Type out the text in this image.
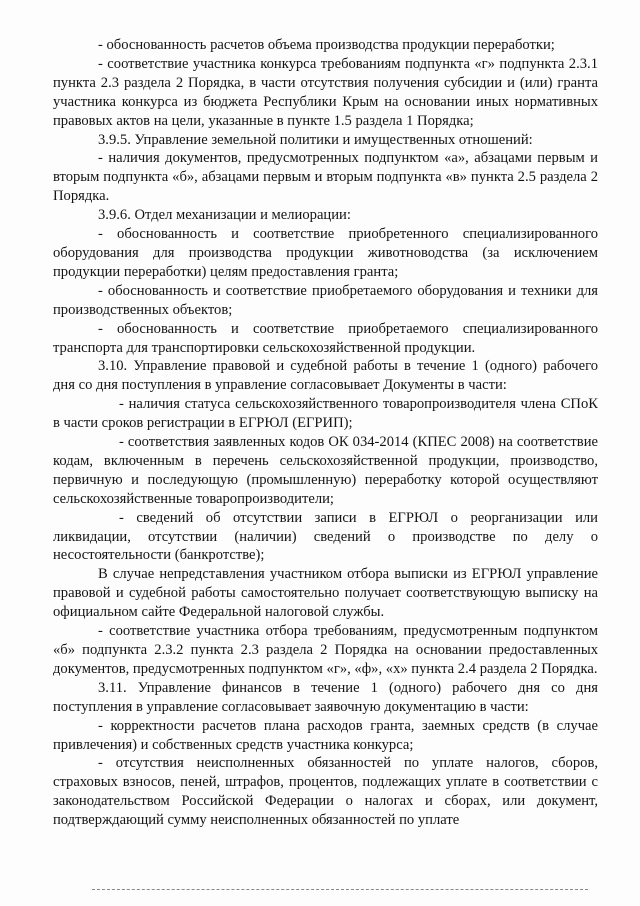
- обоснованность расчетов объема производства продукции переработки;

- соответствие участника конкурса требованиям подпункта «г» подпункта 2.3.1 пункта 2.3 раздела 2 Порядка, в части отсутствия получения субсидии и (или) гранта участника конкурса из бюджета Республики Крым на основании иных нормативных правовых актов на цели, указанные в пункте 1.5 раздела 1 Порядка;

3.9.5. Управление земельной политики и имущественных отношений:

- наличия документов, предусмотренных подпунктом «а», абзацами первым и вторым подпункта «б», абзацами первым и вторым подпункта «в» пункта 2.5 раздела 2 Порядка.

3.9.6. Отдел механизации и мелиорации:

- обоснованность и соответствие приобретенного специализированного оборудования для производства продукции животноводства (за исключением продукции переработки) целям предоставления гранта;

- обоснованность и соответствие приобретаемого оборудования и техники для производственных объектов;

- обоснованность и соответствие приобретаемого специализированного транспорта для транспортировки сельскохозяйственной продукции.

3.10. Управление правовой и судебной работы в течение 1 (одного) рабочего дня со дня поступления в управление согласовывает Документы в части:

- наличия статуса сельскохозяйственного товаропроизводителя члена СПоК в части сроков регистрации в ЕГРЮЛ (ЕГРИП);

- соответствия заявленных кодов ОК 034-2014 (КПЕС 2008) на соответствие кодам, включенным в перечень сельскохозяйственной продукции, производство, первичную и последующую (промышленную) переработку которой осуществляют сельскохозяйственные товаропроизводители;

- сведений об отсутствии записи в ЕГРЮЛ о реорганизации или ликвидации, отсутствии (наличии) сведений о производстве по делу о несостоятельности (банкротстве);

В случае непредставления участником отбора выписки из ЕГРЮЛ управление правовой и судебной работы самостоятельно получает соответствующую выписку на официальном сайте Федеральной налоговой службы.

- соответствие участника отбора требованиям, предусмотренным подпунктом «б» подпункта 2.3.2 пункта 2.3 раздела 2 Порядка на основании предоставленных документов, предусмотренных подпунктом «г», «ф», «х» пункта 2.4 раздела 2 Порядка.

3.11. Управление финансов в течение 1 (одного) рабочего дня со дня поступления в управление согласовывает заявочную документацию в части:

- корректности расчетов плана расходов гранта, заемных средств (в случае привлечения) и собственных средств участника конкурса;

- отсутствия неисполненных обязанностей по уплате налогов, сборов, страховых взносов, пеней, штрафов, процентов, подлежащих уплате в соответствии с законодательством Российской Федерации о налогах и сборах, или документ, подтверждающий сумму неисполненных обязанностей по уплате
